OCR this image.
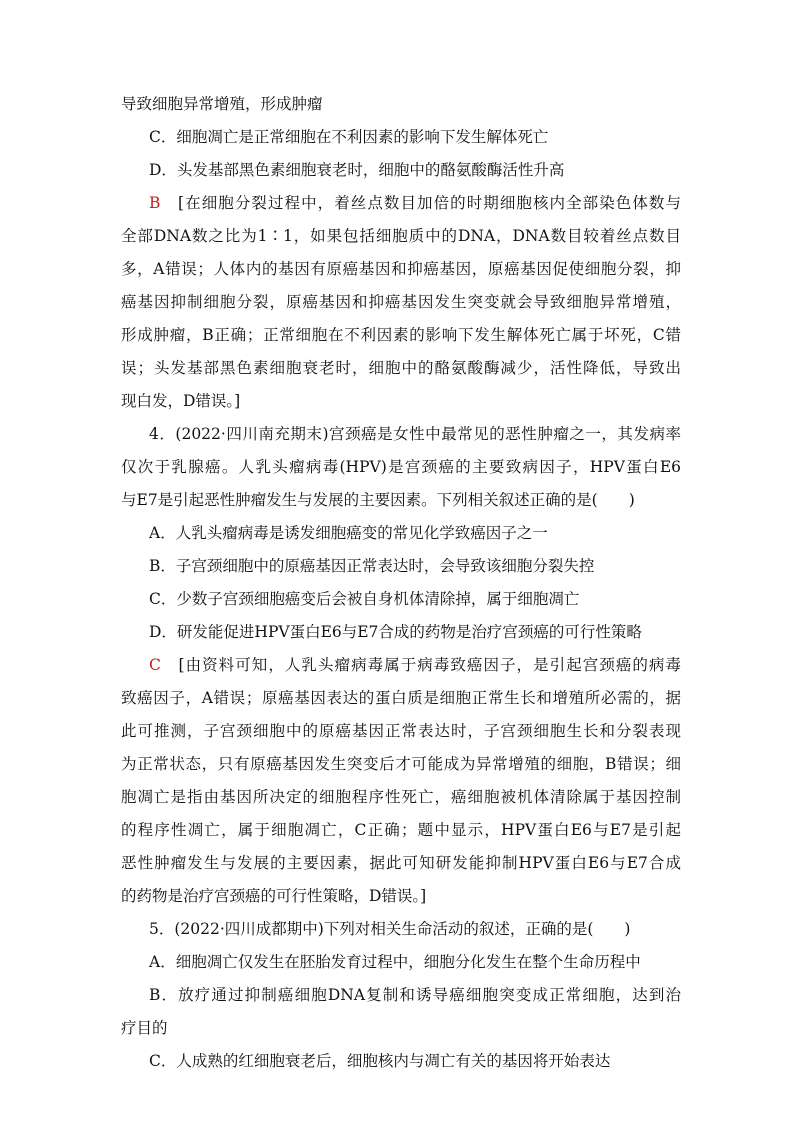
导致细胞异常增殖，形成肿瘤
C．细胞凋亡是正常细胞在不利因素的影响下发生解体死亡
D．头发基部黑色素细胞衰老时，细胞中的酪氨酸酶活性升高
B　 [在细胞分裂过程中，着丝点数目加倍的时期细胞核内全部染色体数与
全部DNA数之比为1∶1，如果包括细胞质中的DNA，DNA数目较着丝点数目
多，A错误；人体内的基因有原癌基因和抑癌基因，原癌基因促使细胞分裂，抑
癌基因抑制细胞分裂，原癌基因和抑癌基因发生突变就会导致细胞异常增殖，
形成肿瘤，B正确；正常细胞在不利因素的影响下发生解体死亡属于坏死，C错
误；头发基部黑色素细胞衰老时，细胞中的酪氨酸酶减少，活性降低，导致出
现白发，D错误。]
4．(2022·四川南充期末)宫颈癌是女性中最常见的恶性肿瘤之一，其发病率
仅次于乳腺癌。人乳头瘤病毒(HPV)是宫颈癌的主要致病因子，HPV蛋白E6
与E7是引起恶性肿瘤发生与发展的主要因素。下列相关叙述正确的是(　　)
A．人乳头瘤病毒是诱发细胞癌变的常见化学致癌因子之一
B．子宫颈细胞中的原癌基因正常表达时，会导致该细胞分裂失控
C．少数子宫颈细胞癌变后会被自身机体清除掉，属于细胞凋亡
D．研发能促进HPV蛋白E6与E7合成的药物是治疗宫颈癌的可行性策略
C　 [由资料可知，人乳头瘤病毒属于病毒致癌因子，是引起宫颈癌的病毒
致癌因子，A错误；原癌基因表达的蛋白质是细胞正常生长和增殖所必需的，据
此可推测，子宫颈细胞中的原癌基因正常表达时，子宫颈细胞生长和分裂表现
为正常状态，只有原癌基因发生突变后才可能成为异常增殖的细胞，B错误；细
胞凋亡是指由基因所决定的细胞程序性死亡，癌细胞被机体清除属于基因控制
的程序性凋亡，属于细胞凋亡，C正确；题中显示，HPV蛋白E6与E7是引起
恶性肿瘤发生与发展的主要因素，据此可知研发能抑制HPV蛋白E6与E7合成
的药物是治疗宫颈癌的可行性策略，D错误。]
5．(2022·四川成都期中)下列对相关生命活动的叙述，正确的是(　　)
A．细胞凋亡仅发生在胚胎发育过程中，细胞分化发生在整个生命历程中
B．放疗通过抑制癌细胞DNA复制和诱导癌细胞突变成正常细胞，达到治
疗目的
C．人成熟的红细胞衰老后，细胞核内与凋亡有关的基因将开始表达
